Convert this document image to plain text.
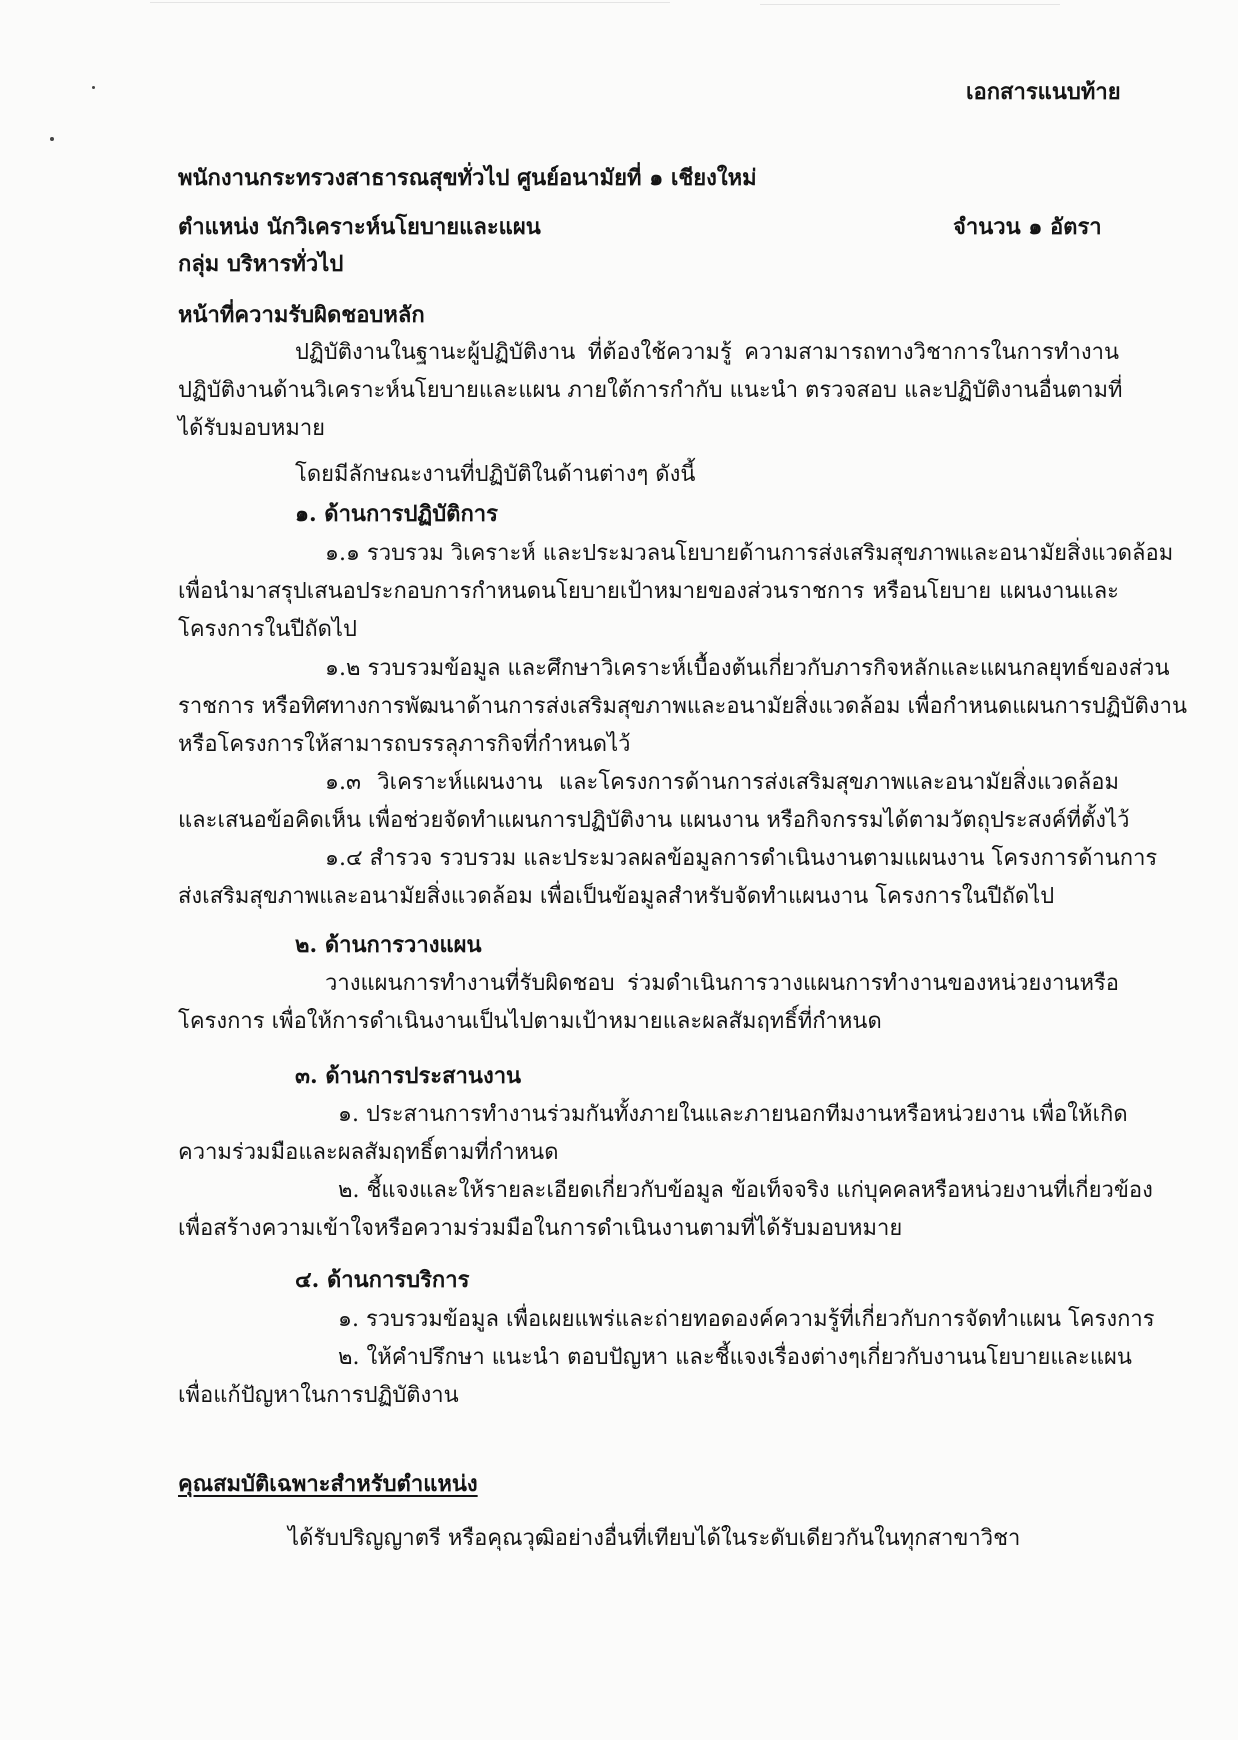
เอกสารแนบท้าย

พนักงานกระทรวงสาธารณสุขทั่วไป ศูนย์อนามัยที่ ๑ เชียงใหม่

ตำแหน่ง นักวิเคราะห์นโยบายและแผน	จำนวน ๑ อัตรา

กลุ่ม บริหารทั่วไป

หน้าที่ความรับผิดชอบหลัก

ปฏิบัติงานในฐานะผู้ปฏิบัติงาน ที่ต้องใช้ความรู้ ความสามารถทางวิชาการในการทำงาน

ปฏิบัติงานด้านวิเคราะห์นโยบายและแผน ภายใต้การกำกับ แนะนำ ตรวจสอบ และปฏิบัติงานอื่นตามที่

ได้รับมอบหมาย

โดยมีลักษณะงานที่ปฏิบัติในด้านต่างๆ ดังนี้

๑. ด้านการปฏิบัติการ

๑.๑ รวบรวม วิเคราะห์ และประมวลนโยบายด้านการส่งเสริมสุขภาพและอนามัยสิ่งแวดล้อม

เพื่อนำมาสรุปเสนอประกอบการกำหนดนโยบายเป้าหมายของส่วนราชการ หรือนโยบาย แผนงานและ

โครงการในปีถัดไป

๑.๒ รวบรวมข้อมูล และศึกษาวิเคราะห์เบื้องต้นเกี่ยวกับภารกิจหลักและแผนกลยุทธ์ของส่วน

ราชการ หรือทิศทางการพัฒนาด้านการส่งเสริมสุขภาพและอนามัยสิ่งแวดล้อม เพื่อกำหนดแผนการปฏิบัติงาน

หรือโครงการให้สามารถบรรลุภารกิจที่กำหนดไว้

๑.๓ วิเคราะห์แผนงาน และโครงการด้านการส่งเสริมสุขภาพและอนามัยสิ่งแวดล้อม

และเสนอข้อคิดเห็น เพื่อช่วยจัดทำแผนการปฏิบัติงาน แผนงาน หรือกิจกรรมได้ตามวัตถุประสงค์ที่ตั้งไว้

๑.๔ สำรวจ รวบรวม และประมวลผลข้อมูลการดำเนินงานตามแผนงาน โครงการด้านการ

ส่งเสริมสุขภาพและอนามัยสิ่งแวดล้อม เพื่อเป็นข้อมูลสำหรับจัดทำแผนงาน โครงการในปีถัดไป

๒. ด้านการวางแผน

วางแผนการทำงานที่รับผิดชอบ ร่วมดำเนินการวางแผนการทำงานของหน่วยงานหรือ

โครงการ เพื่อให้การดำเนินงานเป็นไปตามเป้าหมายและผลสัมฤทธิ์ที่กำหนด

๓. ด้านการประสานงาน

๑. ประสานการทำงานร่วมกันทั้งภายในและภายนอกทีมงานหรือหน่วยงาน เพื่อให้เกิด

ความร่วมมือและผลสัมฤทธิ์ตามที่กำหนด

๒. ชี้แจงและให้รายละเอียดเกี่ยวกับข้อมูล ข้อเท็จจริง แก่บุคคลหรือหน่วยงานที่เกี่ยวข้อง

เพื่อสร้างความเข้าใจหรือความร่วมมือในการดำเนินงานตามที่ได้รับมอบหมาย

๔. ด้านการบริการ

๑. รวบรวมข้อมูล เพื่อเผยแพร่และถ่ายทอดองค์ความรู้ที่เกี่ยวกับการจัดทำแผน โครงการ

๒. ให้คำปรึกษา แนะนำ ตอบปัญหา และชี้แจงเรื่องต่างๆเกี่ยวกับงานนโยบายและแผน

เพื่อแก้ปัญหาในการปฏิบัติงาน

คุณสมบัติเฉพาะสำหรับตำแหน่ง

ได้รับปริญญาตรี หรือคุณวุฒิอย่างอื่นที่เทียบได้ในระดับเดียวกันในทุกสาขาวิชา
